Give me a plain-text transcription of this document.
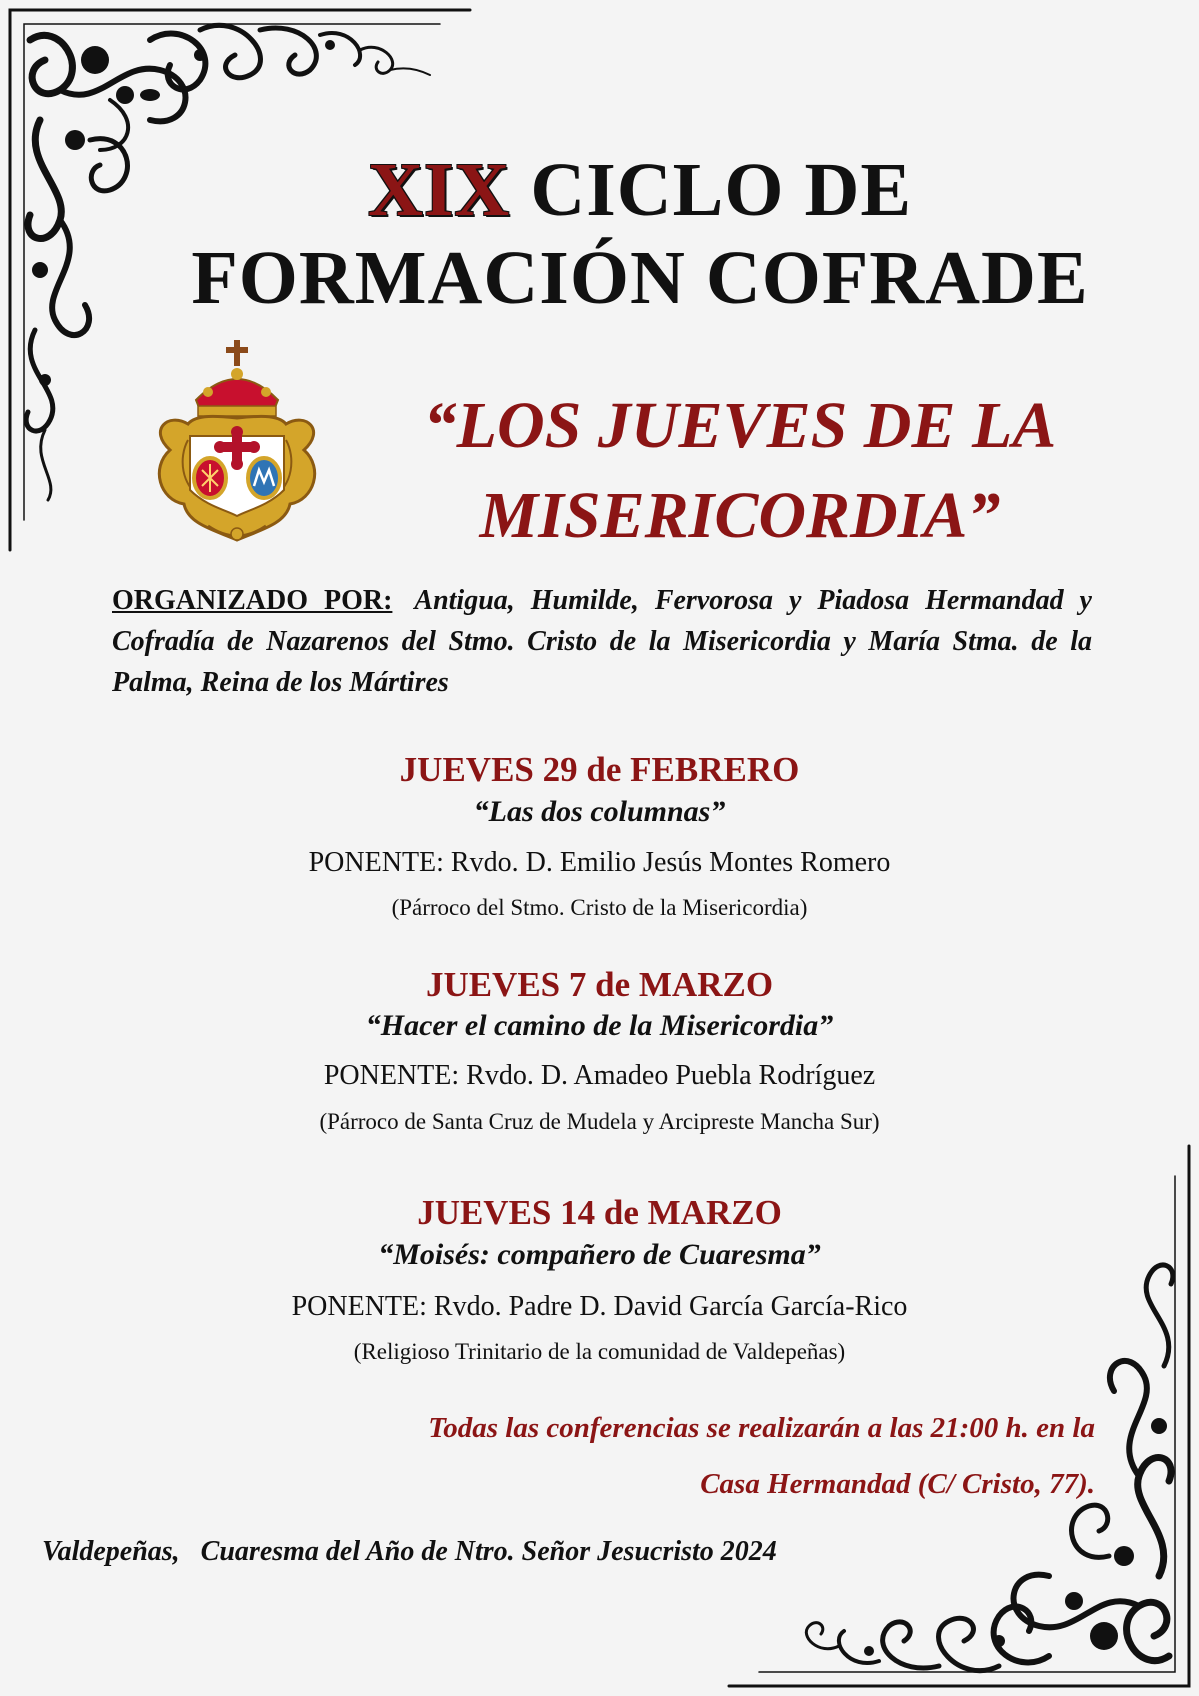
XIX CICLO DE
FORMACIÓN COFRADE
“LOS JUEVES DE LA
MISERICORDIA”
ORGANIZADO POR: Antigua, Humilde, Fervorosa y Piadosa Hermandad y Cofradía de Nazarenos del Stmo. Cristo de la Misericordia y María Stma. de la Palma, Reina de los Mártires
JUEVES 29 de FEBRERO
“Las dos columnas”
PONENTE: Rvdo. D. Emilio Jesús Montes Romero
(Párroco del Stmo. Cristo de la Misericordia)
JUEVES 7 de MARZO
“Hacer el camino de la Misericordia”
PONENTE: Rvdo. D. Amadeo Puebla Rodríguez
(Párroco de Santa Cruz de Mudela y Arcipreste Mancha Sur)
JUEVES 14 de MARZO
“Moisés: compañero de Cuaresma”
PONENTE: Rvdo. Padre D. David García García-Rico
(Religioso Trinitario de la comunidad de Valdepeñas)
Todas las conferencias se realizarán a las 21:00 h. en la
Casa Hermandad (C/ Cristo, 77).
Valdepeñas,   Cuaresma del Año de Ntro. Señor Jesucristo 2024
